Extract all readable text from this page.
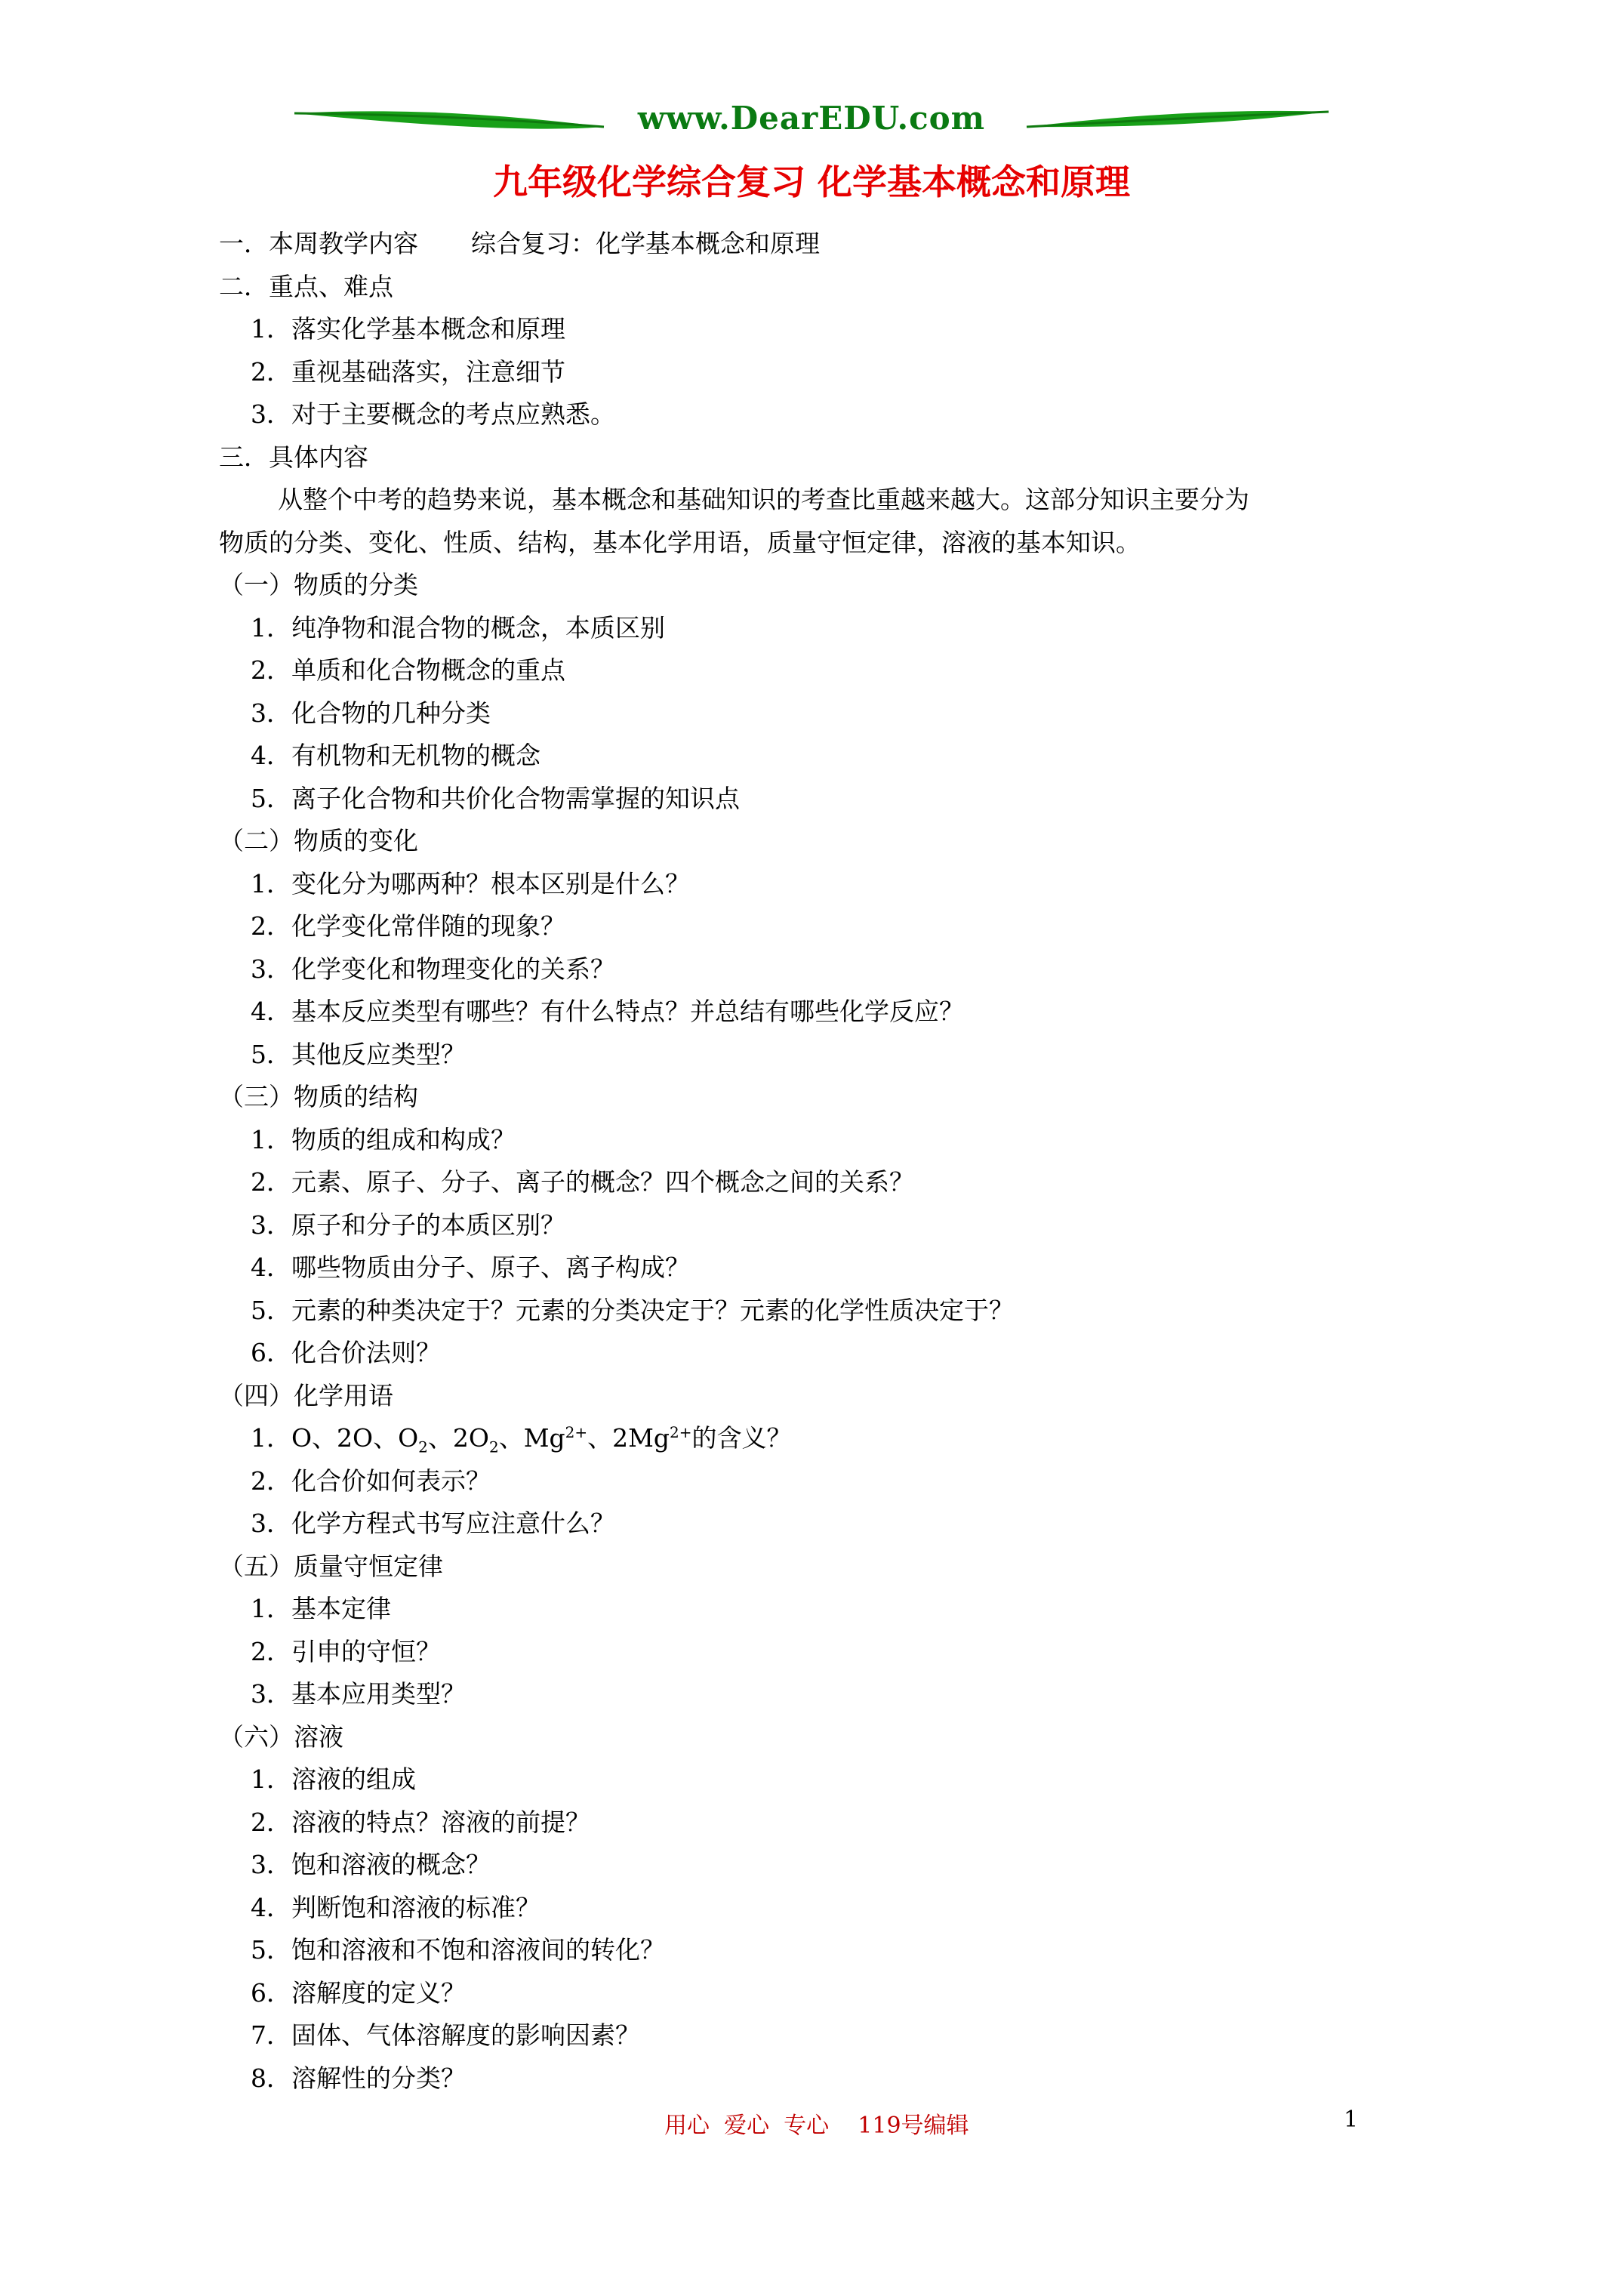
www.DearEDU.com
九年级化学综合复习 化学基本概念和原理
一．本周教学内容 综合复习：化学基本概念和原理
二．重点、难点
1．落实化学基本概念和原理
2．重视基础落实，注意细节
3．对于主要概念的考点应熟悉。
三．具体内容
从整个中考的趋势来说，基本概念和基础知识的考查比重越来越大。这部分知识主要分为
物质的分类、变化、性质、结构，基本化学用语，质量守恒定律，溶液的基本知识。
（一）物质的分类
1．纯净物和混合物的概念，本质区别
2．单质和化合物概念的重点
3．化合物的几种分类
4．有机物和无机物的概念
5．离子化合物和共价化合物需掌握的知识点
（二）物质的变化
1．变化分为哪两种？根本区别是什么？
2．化学变化常伴随的现象？
3．化学变化和物理变化的关系？
4．基本反应类型有哪些？有什么特点？并总结有哪些化学反应？
5．其他反应类型？
（三）物质的结构
1．物质的组成和构成？
2．元素、原子、分子、离子的概念？四个概念之间的关系？
3．原子和分子的本质区别？
4．哪些物质由分子、原子、离子构成？
5．元素的种类决定于？元素的分类决定于？元素的化学性质决定于？
6．化合价法则？
（四）化学用语
1．O、2O、$O_2$、$2O_2$、$Mg^{2+}$、$2Mg^{2+}$的含义？
2．化合价如何表示？
3．化学方程式书写应注意什么？
（五）质量守恒定律
1．基本定律
2．引申的守恒？
3．基本应用类型？
（六）溶液
1．溶液的组成
2．溶液的特点？溶液的前提？
3．饱和溶液的概念？
4．判断饱和溶液的标准？
5．饱和溶液和不饱和溶液间的转化？
6．溶解度的定义？
7．固体、气体溶解度的影响因素？
8．溶解性的分类？
用心  爱心  专心    119号编辑	1
